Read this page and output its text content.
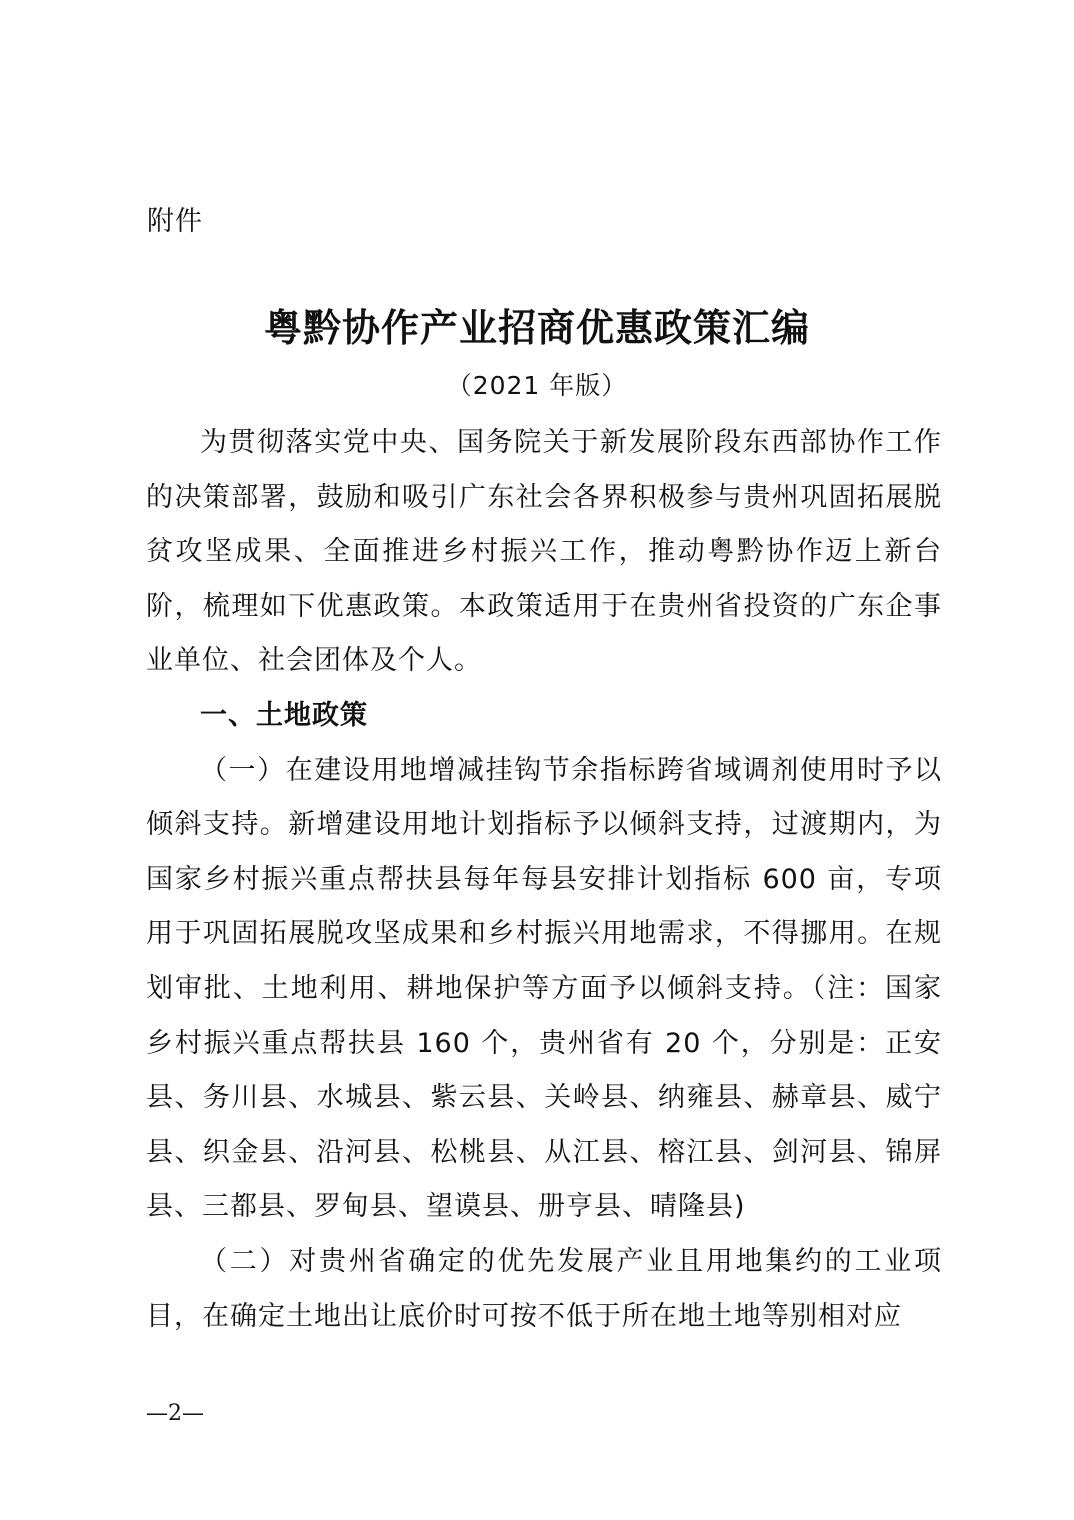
附件
粤黔协作产业招商优惠政策汇编
（2021 年版）

为贯彻落实党中央、国务院关于新发展阶段东西部协作工作的决策部署，鼓励和吸引广东社会各界积极参与贵州巩固拓展脱贫攻坚成果、全面推进乡村振兴工作，推动粤黔协作迈上新台阶，梳理如下优惠政策。本政策适用于在贵州省投资的广东企事业单位、社会团体及个人。

一、土地政策

（一）在建设用地增减挂钩节余指标跨省域调剂使用时予以倾斜支持。新增建设用地计划指标予以倾斜支持，过渡期内，为国家乡村振兴重点帮扶县每年每县安排计划指标 600 亩，专项用于巩固拓展脱攻坚成果和乡村振兴用地需求，不得挪用。在规划审批、土地利用、耕地保护等方面予以倾斜支持。（注：国家乡村振兴重点帮扶县 160 个，贵州省有 20 个，分别是：正安县、务川县、水城县、紫云县、关岭县、纳雍县、赫章县、威宁县、织金县、沿河县、松桃县、从江县、榕江县、剑河县、锦屏县、三都县、罗甸县、望谟县、册亨县、晴隆县)

（二）对贵州省确定的优先发展产业且用地集约的工业项目，在确定土地出让底价时可按不低于所在地土地等别相对应

—2—
